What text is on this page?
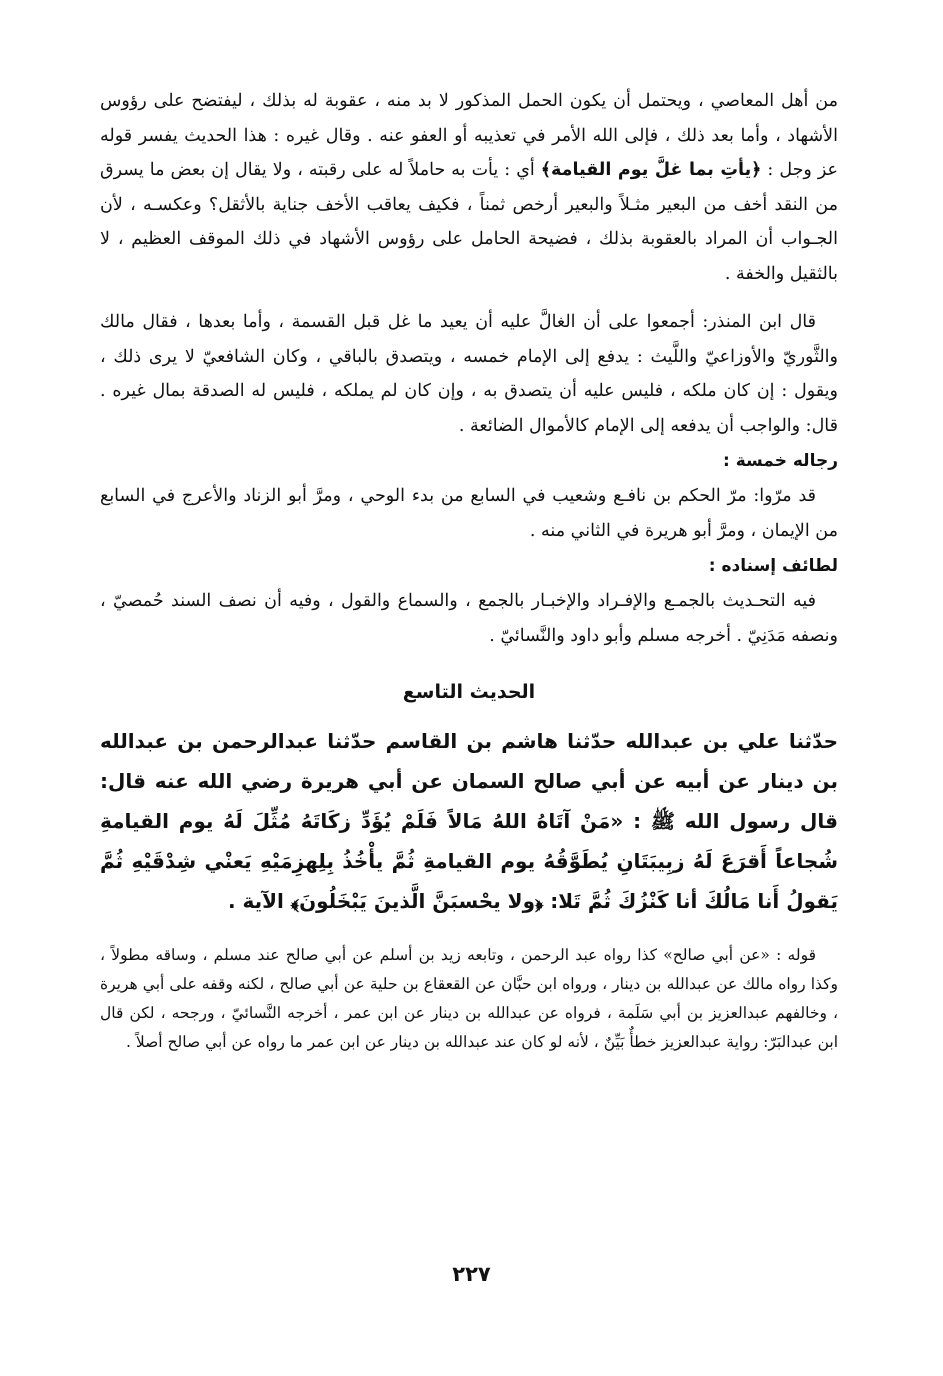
من أهل المعاصي ، ويحتمل أن يكون الحمل المذكور لا بد منه ، عقوبة له بذلك ، ليفتضح على رؤوس الأشهاد ، وأما بعد ذلك ، فإلى الله الأمر في تعذيبه أو العفو عنه . وقال غيره : هذا الحديث يفسر قوله عز وجل : ﴿يأتِ بما غلَّ يوم القيامة﴾ أي : يأت به حاملاً له على رقبته ، ولا يقال إن بعض ما يسرق من النقد أخف من البعير مثـلاً والبعير أرخص ثمناً ، فكيف يعاقب الأخف جناية بالأثقل؟ وعكسـه ، لأن الجـواب أن المراد بالعقوبة بذلك ، فضيحة الحامل على رؤوس الأشهاد في ذلك الموقف العظيم ، لا بالثقيل والخفة .

قال ابن المنذر: أجمعوا على أن الغالَّ عليه أن يعيد ما غل قبل القسمة ، وأما بعدها ، فقال مالك والثَّوريّ والأوزاعيّ واللَّيث : يدفع إلى الإمام خمسه ، ويتصدق بالباقي ، وكان الشافعيّ لا يرى ذلك ، ويقول : إن كان ملكه ، فليس عليه أن يتصدق به ، وإن كان لم يملكه ، فليس له الصدقة بمال غيره . قال: والواجب أن يدفعه إلى الإمام كالأموال الضائعة .

رجاله خمسة :

قد مرّوا: مرّ الحكم بن نافـع وشعيب في السابع من بدء الوحي ، ومرَّ أبو الزناد والأعرج في السابع من الإيمان ، ومرَّ أبو هريرة في الثاني منه .

لطائف إسناده :

فيه التحـديث بالجمـع والإفـراد والإخبـار بالجمع ، والسماع والقول ، وفيه أن نصف السند حُمصيّ ، ونصفه مَدَنِيّ . أخرجه مسلم وأبو داود والنَّسائيّ .

الحديث التاسع

حدّثنا علي بن عبدالله حدّثنا هاشم بن القاسم حدّثنا عبدالرحمن بن عبدالله بن دينار عن أبيه عن أبي صالح السمان عن أبي هريرة رضي الله عنه قال: قال رسول الله ﷺ : «مَنْ آتَاهُ اللهُ مَالاً فَلَمْ يُؤَدِّ زكَاتَهُ مُثِّلَ لَهُ يوم القيامةِ شُجاعاً أَقرَعَ لَهُ زبِيبَتَانِ يُطَوَّقُهُ يوم القيامةِ ثُمَّ يأْخُذُ بِلِهزِمَيْهِ يَعنْي شِدْقَيْهِ ثُمَّ يَقولُ أَنا مَالُكَ أنا كَنْزُكَ ثُمَّ تَلا: ﴿ولا يحْسبَنَّ الَّذينَ يَبْخَلُونَ﴾ الآية .

قوله : «عن أبي صالح» كذا رواه عبد الرحمن ، وتابعه زيد بن أسلم عن أبي صالح عند مسلم ، وساقه مطولاً ، وكذا رواه مالك عن عبدالله بن دينار ، ورواه ابن حبَّان عن القعقاع بن حلية عن أبي صالح ، لكنه وقفه على أبي هريرة ، وخالفهم عبدالعزيز بن أبي سَلَمة ، فرواه عن عبدالله بن دينار عن ابن عمر ، أخرجه النَّسائيّ ، ورجحه ، لكن قال ابن عبدالبَرّ: رواية عبدالعزيز خطأٌ بَيِّنٌ ، لأنه لو كان عند عبدالله بن دينار عن ابن عمر ما رواه عن أبي صالح أصلاً .

٢٢٧
